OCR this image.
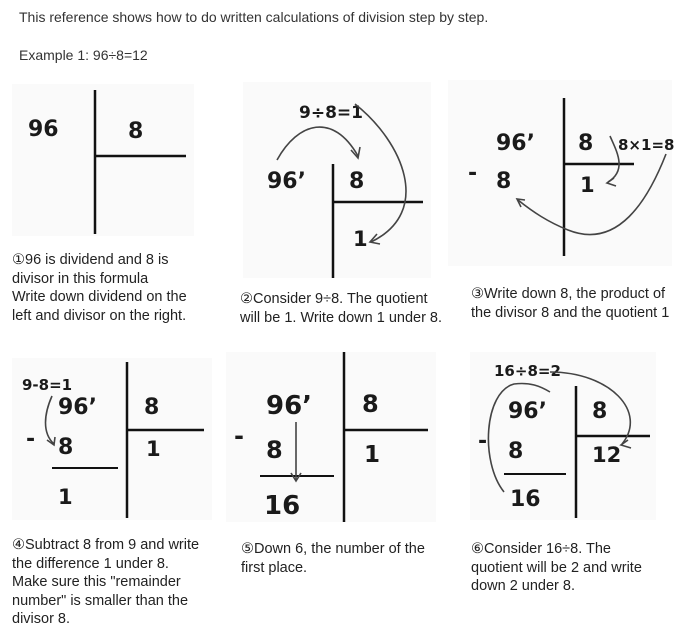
This reference shows how to do written calculations of division step by step.
Example 1: 96÷8=12
96	8
①96 is dividend and 8 is
divisor in this formula
Write down dividend on the
left and divisor on the right.
9÷8=1
96’ 8
1
②Consider 9÷8. The quotient
will be 1. Write down 1 under 8.
96’ 8 8×1=8
- 8	1
③Write down 8, the product of
the divisor 8 and the quotient 1
9-8=1
96’ 8
- 8	1
1
④Subtract 8 from 9 and write
the difference 1 under 8.
Make sure this "remainder
number" is smaller than the
divisor 8.
96’ 8
- 8	1
16
⑤Down 6, the number of the
first place.
16÷8=2
96’ 8
- 8	12
16
⑥Consider 16÷8. The
quotient will be 2 and write
down 2 under 8.
